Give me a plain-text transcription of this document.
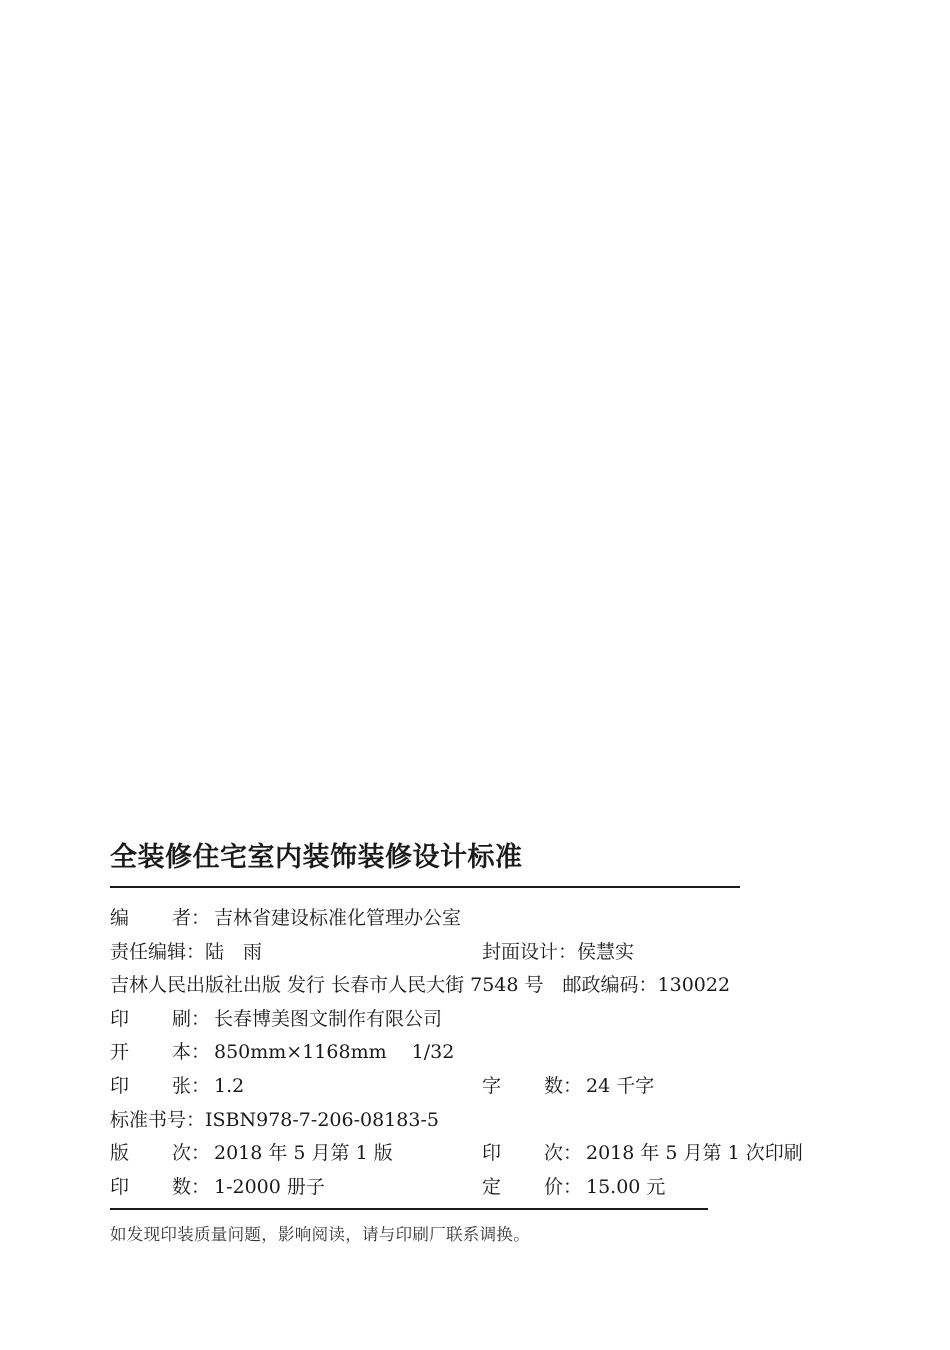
全装修住宅室内装饰装修设计标准
编 者： 吉林省建设标准化管理办公室
责任编辑：陆　雨	封面设计：侯慧实
吉林人民出版社出版 发行 长春市人民大街 7548 号　邮政编码：130022
印 刷： 长春博美图文制作有限公司
开 本： 850mm×1168mm　 1/32
印 张： 1.2	字 数： 24 千字
标准书号：ISBN978-7-206-08183-5
版 次： 2018 年 5 月第 1 版	印 次： 2018 年 5 月第 1 次印刷
印 数： 1-2000 册子	定 价： 15.00 元
如发现印装质量问题，影响阅读，请与印刷厂联系调换。
